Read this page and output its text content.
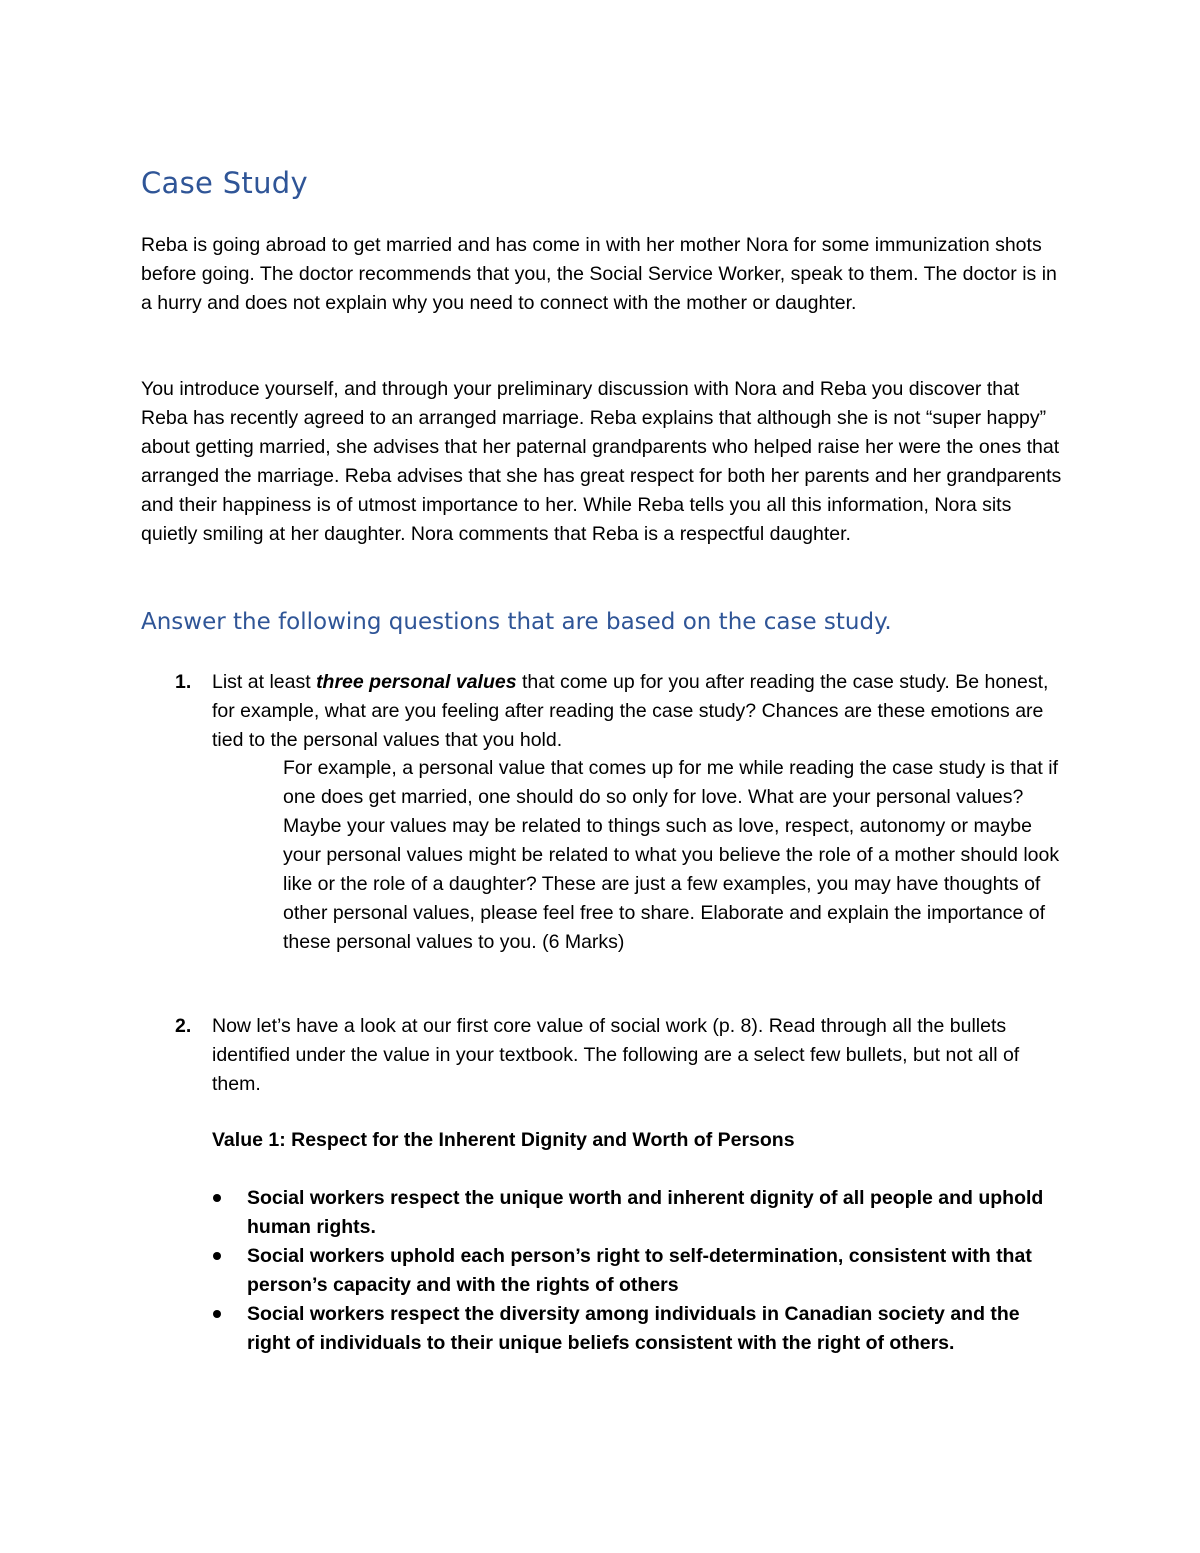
Case Study

Reba is going abroad to get married and has come in with her mother Nora for some immunization shots before going. The doctor recommends that you, the Social Service Worker, speak to them. The doctor is in a hurry and does not explain why you need to connect with the mother or daughter.

You introduce yourself, and through your preliminary discussion with Nora and Reba you discover that Reba has recently agreed to an arranged marriage. Reba explains that although she is not “super happy” about getting married, she advises that her paternal grandparents who helped raise her were the ones that arranged the marriage. Reba advises that she has great respect for both her parents and her grandparents and their happiness is of utmost importance to her. While Reba tells you all this information, Nora sits quietly smiling at her daughter. Nora comments that Reba is a respectful daughter.

Answer the following questions that are based on the case study.
1. List at least three personal values that come up for you after reading the case study. Be honest, for example, what are you feeling after reading the case study? Chances are these emotions are tied to the personal values that you hold.

For example, a personal value that comes up for me while reading the case study is that if one does get married, one should do so only for love. What are your personal values? Maybe your values may be related to things such as love, respect, autonomy or maybe your personal values might be related to what you believe the role of a mother should look like or the role of a daughter? These are just a few examples, you may have thoughts of other personal values, please feel free to share. Elaborate and explain the importance of these personal values to you. (6 Marks)

2. Now let’s have a look at our first core value of social work (p. 8). Read through all the bullets identified under the value in your textbook. The following are a select few bullets, but not all of them.

Value 1: Respect for the Inherent Dignity and Worth of Persons

Social workers respect the unique worth and inherent dignity of all people and uphold human rights.
Social workers uphold each person’s right to self-determination, consistent with that person’s capacity and with the rights of others
Social workers respect the diversity among individuals in Canadian society and the right of individuals to their unique beliefs consistent with the right of others.
